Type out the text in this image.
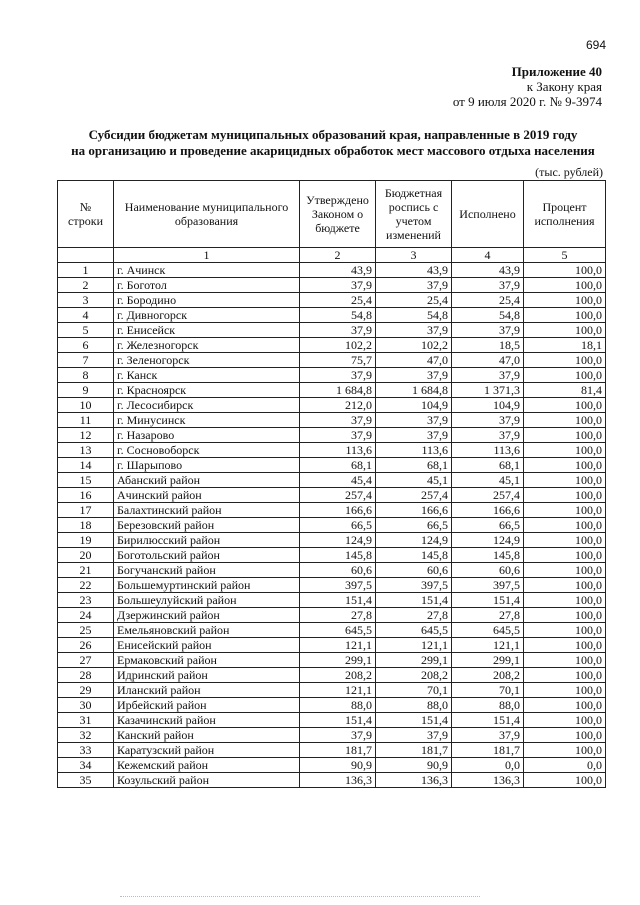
694
Приложение 40
к Закону края
от 9 июля 2020 г. № 9-3974
Субсидии бюджетам муниципальных образований края, направленные в 2019 году
на организацию и проведение акарицидных обработок мест массового отдыха населения
(тыс. рублей)
№ строки	Наименование муниципального образования	Утверждено Законом о бюджете	Бюджетная роспись с учетом изменений	Исполнено	Процент исполнения
	1	2	3	4	5
1	г. Ачинск	43,9	43,9	43,9	100,0
2	г. Боготол	37,9	37,9	37,9	100,0
3	г. Бородино	25,4	25,4	25,4	100,0
4	г. Дивногорск	54,8	54,8	54,8	100,0
5	г. Енисейск	37,9	37,9	37,9	100,0
6	г. Железногорск	102,2	102,2	18,5	18,1
7	г. Зеленогорск	75,7	47,0	47,0	100,0
8	г. Канск	37,9	37,9	37,9	100,0
9	г. Красноярск	1 684,8	1 684,8	1 371,3	81,4
10	г. Лесосибирск	212,0	104,9	104,9	100,0
11	г. Минусинск	37,9	37,9	37,9	100,0
12	г. Назарово	37,9	37,9	37,9	100,0
13	г. Сосновоборск	113,6	113,6	113,6	100,0
14	г. Шарыпово	68,1	68,1	68,1	100,0
15	Абанский район	45,4	45,1	45,1	100,0
16	Ачинский район	257,4	257,4	257,4	100,0
17	Балахтинский район	166,6	166,6	166,6	100,0
18	Березовский район	66,5	66,5	66,5	100,0
19	Бирилюсский район	124,9	124,9	124,9	100,0
20	Боготольский район	145,8	145,8	145,8	100,0
21	Богучанский район	60,6	60,6	60,6	100,0
22	Большемуртинский район	397,5	397,5	397,5	100,0
23	Большеулуйский район	151,4	151,4	151,4	100,0
24	Дзержинский район	27,8	27,8	27,8	100,0
25	Емельяновский район	645,5	645,5	645,5	100,0
26	Енисейский район	121,1	121,1	121,1	100,0
27	Ермаковский район	299,1	299,1	299,1	100,0
28	Идринский район	208,2	208,2	208,2	100,0
29	Иланский район	121,1	70,1	70,1	100,0
30	Ирбейский район	88,0	88,0	88,0	100,0
31	Казачинский район	151,4	151,4	151,4	100,0
32	Канский район	37,9	37,9	37,9	100,0
33	Каратузский район	181,7	181,7	181,7	100,0
34	Кежемский район	90,9	90,9	0,0	0,0
35	Козульский район	136,3	136,3	136,3	100,0
